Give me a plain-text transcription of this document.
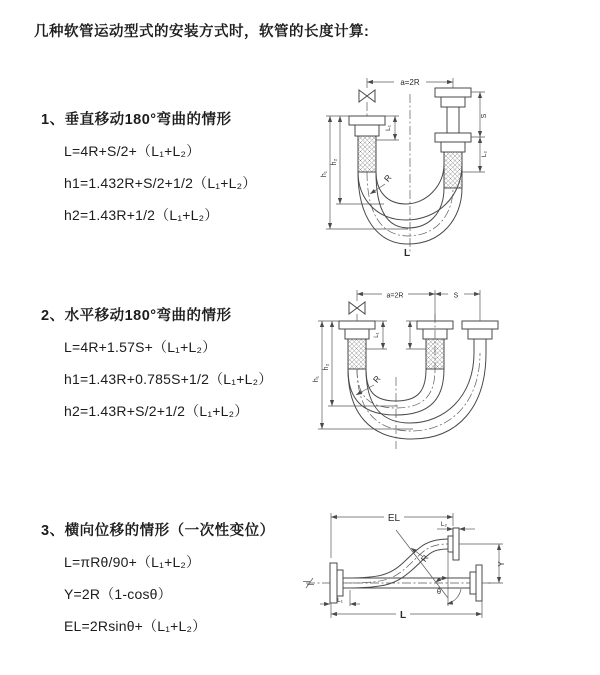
几种软管运动型式的安装方式时，软管的长度计算:
1、垂直移动180°弯曲的情形
L=4R+S/2+（L₁+L₂）
h1=1.432R+S/2+1/2（L₁+L₂）
h2=1.43R+1/2（L₁+L₂）
2、水平移动180°弯曲的情形
L=4R+1.57S+（L₁+L₂）
h1=1.43R+0.785S+1/2（L₁+L₂）
h2=1.43R+S/2+1/2（L₁+L₂）
3、横向位移的情形（一次性变位）
L=πRθ/90+（L₁+L₂）
Y=2R（1-cosθ）
EL=2Rsinθ+（L₁+L₂）
a=2R
S
L₂
h₁
h₂
L₁
R
L
a=2R	S
L₁
h₁
h₂
R
EL
L₂
Y
R
θ
L
L₁
